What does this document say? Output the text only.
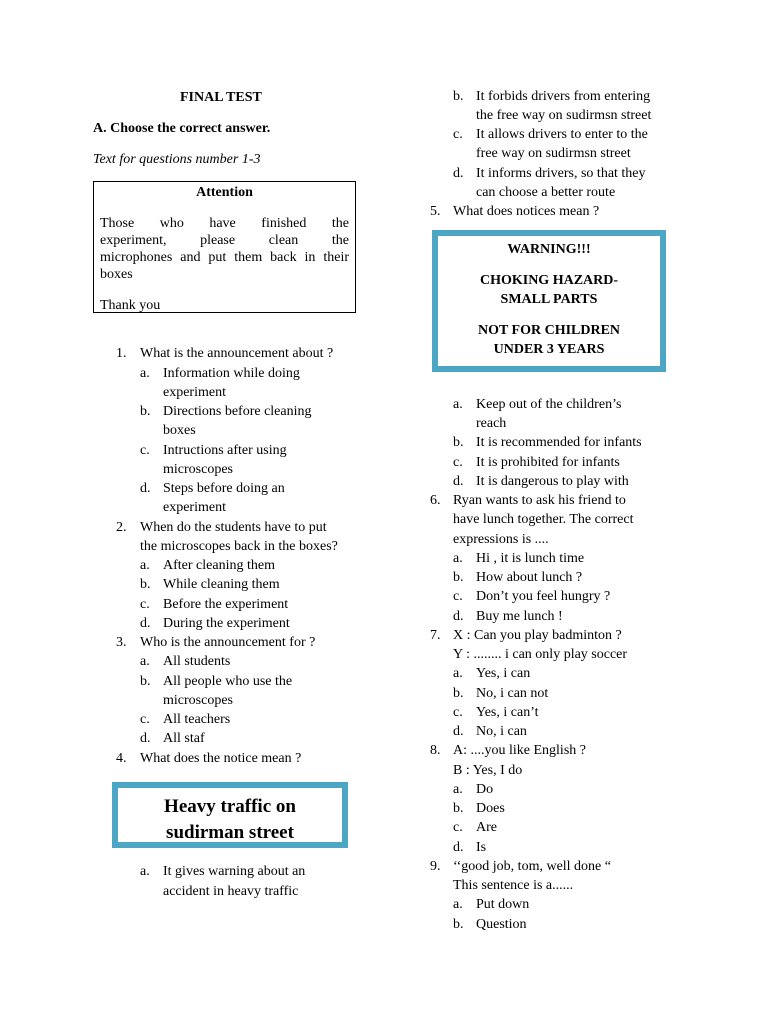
FINAL TEST
A. Choose the correct answer.
Text for questions number 1-3
Attention
Those who have finished the
experiment, please clean the
microphones and put them back in their
boxes
Thank you
1. What is the announcement about ?
a. Information while doing
experiment
b. Directions before cleaning
boxes
c. Intructions after using
microscopes
d. Steps before doing an
experiment
2. When do the students have to put
the microscopes back in the boxes?
a. After cleaning them
b. While cleaning them
c. Before the experiment
d. During the experiment
3. Who is the announcement for ?
a. All students
b. All people who use the
microscopes
c. All teachers
d. All staf
4. What does the notice mean ?
Heavy traffic on
sudirman street
a. It gives warning about an
accident in heavy traffic
b. It forbids drivers from entering
the free way on sudirmsn street
c. It allows drivers to enter to the
free way on sudirmsn street
d. It informs drivers, so that they
can choose a better route
5. What does notices mean ?
WARNING!!!
CHOKING HAZARD-
SMALL PARTS
NOT FOR CHILDREN
UNDER 3 YEARS
a. Keep out of the children’s
reach
b. It is recommended for infants
c. It is prohibited for infants
d. It is dangerous to play with
6. Ryan wants to ask his friend to
have lunch together. The correct
expressions is ....
a. Hi , it is lunch time
b. How about lunch ?
c. Don’t you feel hungry ?
d. Buy me lunch !
7. X : Can you play badminton ?
Y : ........ i can only play soccer
a. Yes, i can
b. No, i can not
c. Yes, i can’t
d. No, i can
8. A: ....you like English ?
B : Yes, I do
a. Do
b. Does
c. Are
d. Is
9. ‘‘good job, tom, well done “
This sentence is a......
a. Put down
b. Question
